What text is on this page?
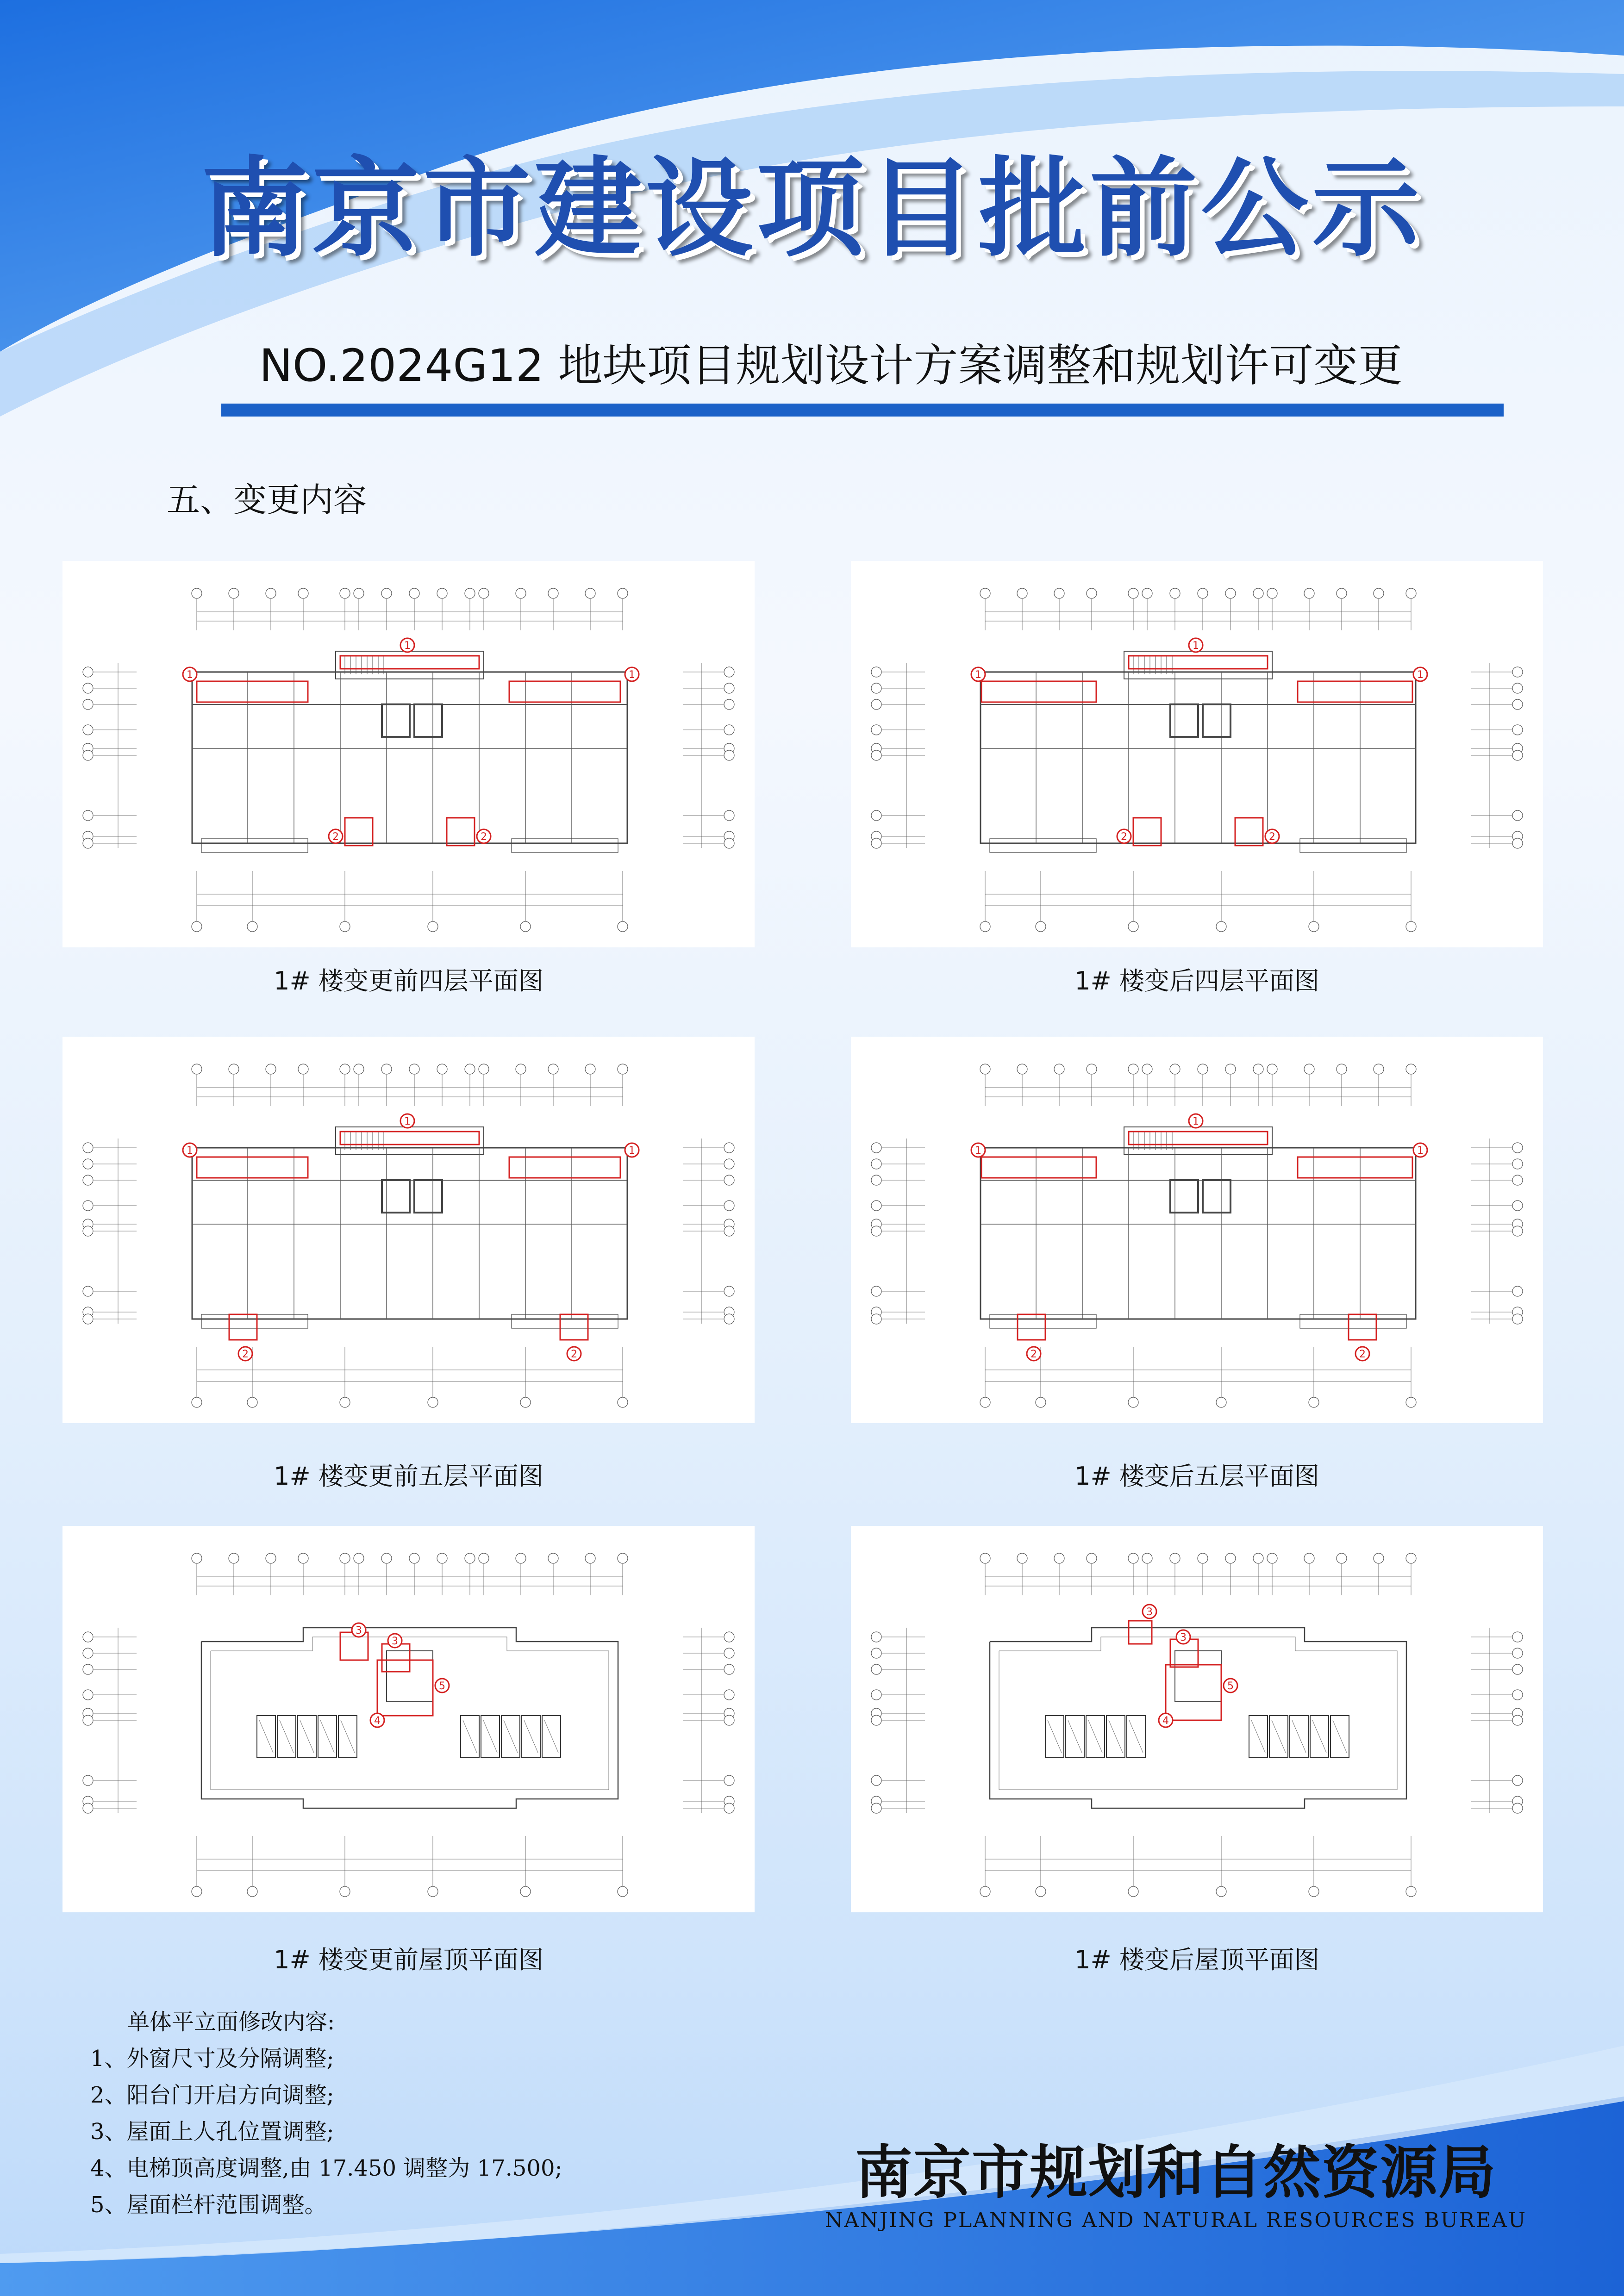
南京市建设项目批前公示
NO.2024G12 地块项目规划设计方案调整和规划许可变更
五、变更内容
1	1
1
2	2
1	1
1
2	2
1	1
1
2	2
1	1
1
2	2
3
3
5
4
3
3
5
4
1# 楼变更前四层平面图	1# 楼变后四层平面图
1# 楼变更前五层平面图	1# 楼变后五层平面图
1# 楼变更前屋顶平面图	1# 楼变后屋顶平面图
单体平立面修改内容:
1、外窗尺寸及分隔调整;
2、阳台门开启方向调整;
3、屋面上人孔位置调整;
4、电梯顶高度调整,由 17.450 调整为 17.500;
5、屋面栏杆范围调整。	南京市规划和自然资源局
NANJING PLANNING AND NATURAL RESOURCES BUREAU
